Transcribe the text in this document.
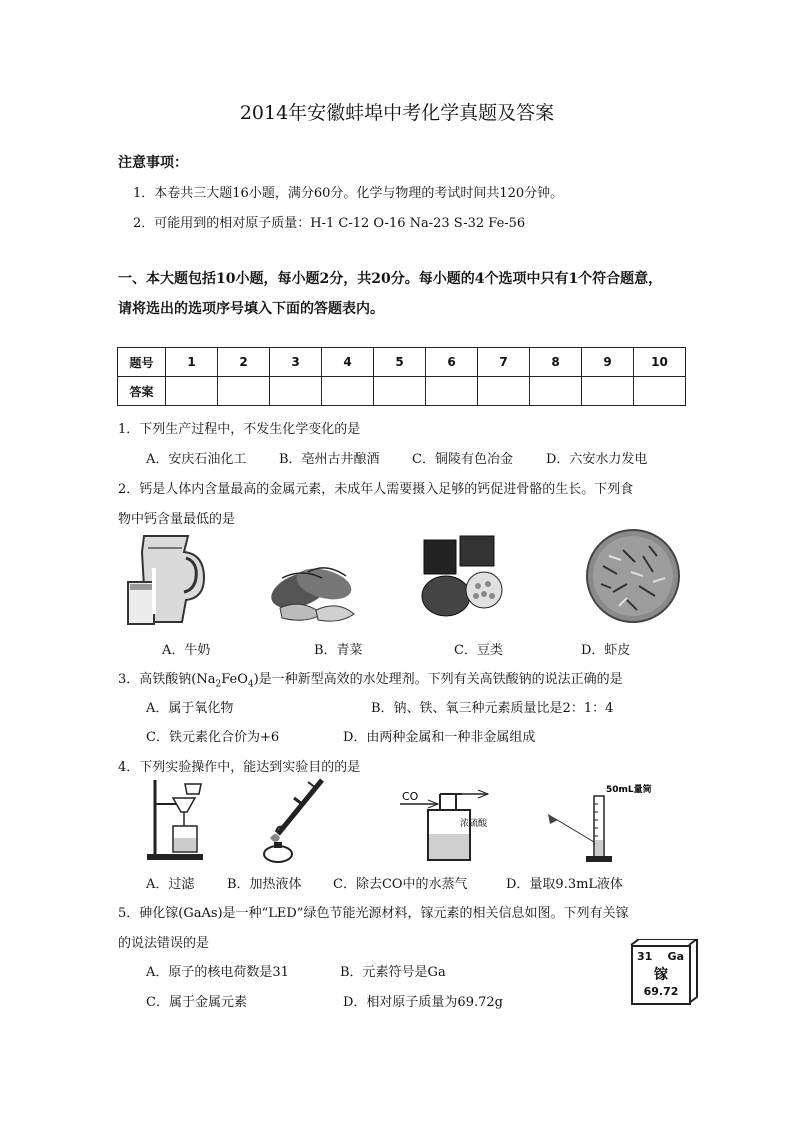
2014年安徽蚌埠中考化学真题及答案
注意事项：
1．本卷共三大题16小题，满分60分。化学与物理的考试时间共120分钟。
2．可能用到的相对原子质量：H-1 C-12 O-16 Na-23 S-32 Fe-56
一、本大题包括10小题，每小题2分，共20分。每小题的4个选项中只有1个符合题意，
请将选出的选项序号填入下面的答题表内。
题号	1	2	3	4	5	6	7	8	9	10
答案										
1．下列生产过程中，不发生化学变化的是
A．安庆石油化工	B．亳州古井酿酒 C．铜陵有色冶金	D．六安水力发电
2．钙是人体内含量最高的金属元素，未成年人需要摄入足够的钙促进骨骼的生长。下列食
物中钙含量最低的是
A．牛奶	B．青菜	C．豆类	D．虾皮
3．高铁酸钠$(Na_2FeO_4)$是一种新型高效的水处理剂。下列有关高铁酸钠的说法正确的是
A．属于氧化物	B．钠、铁、氧三种元素质量比是2：1：4
C．铁元素化合价为+6	D．由两种金属和一种非金属组成
4．下列实验操作中，能达到实验目的的是
CO
浓硫酸
50mL量筒
A．过滤	B．加热液体 C．除去CO中的水蒸气	D．量取9.3mL液体
5．砷化镓(GaAs)是一种“LED”绿色节能光源材料，镓元素的相关信息如图。下列有关镓
的说法错误的是
A．原子的核电荷数是31	B．元素符号是Ga
C．属于金属元素	D．相对原子质量为69.72g
31 Ga
镓
69.72
